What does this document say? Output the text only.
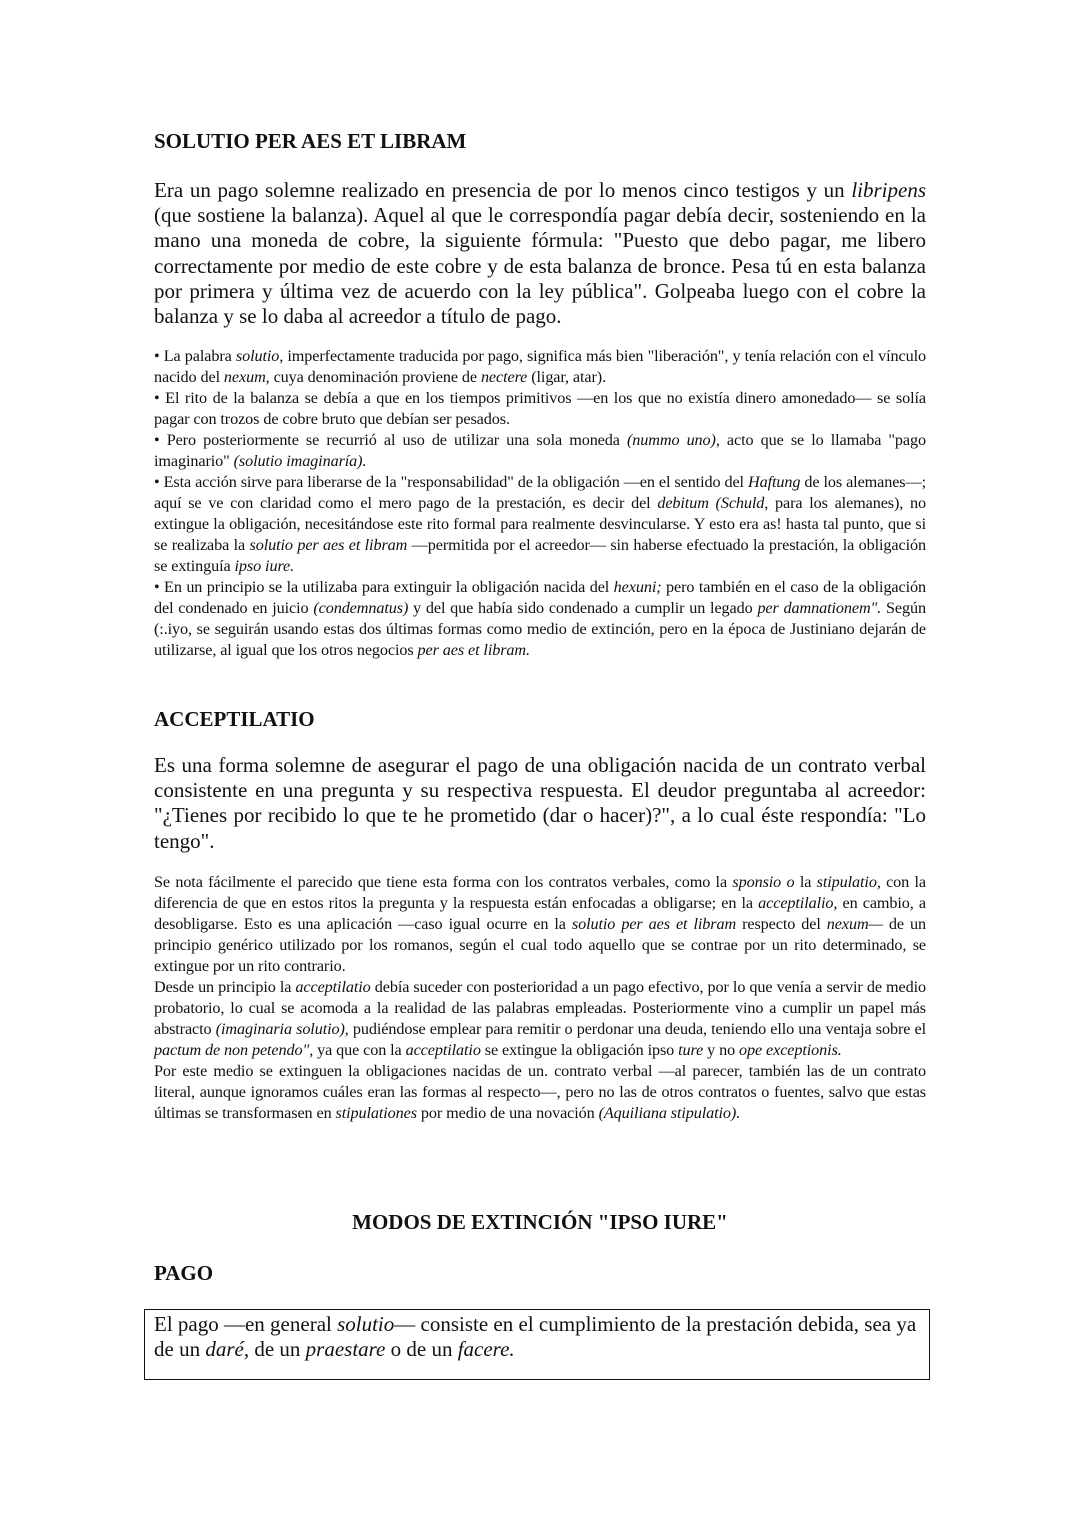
SOLUTIO PER AES ET LIBRAM

Era un pago solemne realizado en presencia de por lo menos cinco testigos y un libripens (que sostiene la balanza). Aquel al que le correspondía pagar debía decir, sosteniendo en la mano una moneda de cobre, la siguiente fórmula: "Puesto que debo pagar, me libero correctamente por medio de este cobre y de esta balanza de bronce. Pesa tú en esta balanza por primera y última vez de acuerdo con la ley pública". Golpeaba luego con el cobre la balanza y se lo daba al acreedor a título de pago.

• La palabra solutio, imperfectamente traducida por pago, significa más bien "liberación", y tenía relación con el vínculo nacido del nexum, cuya denominación proviene de nectere (ligar, atar).

• El rito de la balanza se debía a que en los tiempos primitivos —en los que no existía dinero amonedado— se solía pagar con trozos de cobre bruto que debían ser pesados.

• Pero posteriormente se recurrió al uso de utilizar una sola moneda (nummo uno), acto que se lo llamaba "pago imaginario" (solutio imaginaría).

• Esta acción sirve para liberarse de la "responsabilidad" de la obligación —en el sentido del Haftung de los alemanes—; aquí se ve con claridad como el mero pago de la prestación, es decir del debitum (Schuld, para los alemanes), no extingue la obligación, necesitándose este rito formal para realmente desvincularse. Y esto era as! hasta tal punto, que si se realizaba la solutio per aes et libram —permitida por el acreedor— sin haberse efectuado la prestación, la obligación se extinguía ipso iure.

• En un principio se la utilizaba para extinguir la obligación nacida del hexuni; pero también en el caso de la obligación del condenado en juicio (condemnatus) y del que había sido condenado a cumplir un legado per damnationem". Según (:.iyo, se seguirán usando estas dos últimas formas como medio de extinción, pero en la época de Justiniano dejarán de utilizarse, al igual que los otros negocios per aes et libram.

ACCEPTILATIO

Es una forma solemne de asegurar el pago de una obligación nacida de un contrato verbal consistente en una pregunta y su respectiva respuesta. El deudor preguntaba al acreedor: "¿Tienes por recibido lo que te he prometido (dar o hacer)?", a lo cual éste respondía: "Lo tengo".

Se nota fácilmente el parecido que tiene esta forma con los contratos verbales, como la sponsio o la stipulatio, con la diferencia de que en estos ritos la pregunta y la respuesta están enfocadas a obligarse; en la acceptilalio, en cambio, a desobligarse. Esto es una aplicación —caso igual ocurre en la solutio per aes et libram respecto del nexum— de un principio genérico utilizado por los romanos, según el cual todo aquello que se contrae por un rito determinado, se extingue por un rito contrario.

Desde un principio la acceptilatio debía suceder con posterioridad a un pago efectivo, por lo que venía a servir de medio probatorio, lo cual se acomoda a la realidad de las palabras empleadas. Posteriormente vino a cumplir un papel más abstracto (imaginaria solutio), pudiéndose emplear para remitir o perdonar una deuda, teniendo ello una ventaja sobre el pactum de non petendo", ya que con la acceptilatio se extingue la obligación ipso ture y no ope exceptionis.

Por este medio se extinguen la obligaciones nacidas de un. contrato verbal —al parecer, también las de un contrato literal, aunque ignoramos cuáles eran las formas al respecto—, pero no las de otros contratos o fuentes, salvo que estas últimas se transformasen en stipulationes por medio de una novación (Aquiliana stipulatio).

MODOS DE EXTINCIÓN "IPSO IURE"
PAGO

El pago —en general solutio— consiste en el cumplimiento de la prestación debida, sea ya de un daré, de un praestare o de un facere.
